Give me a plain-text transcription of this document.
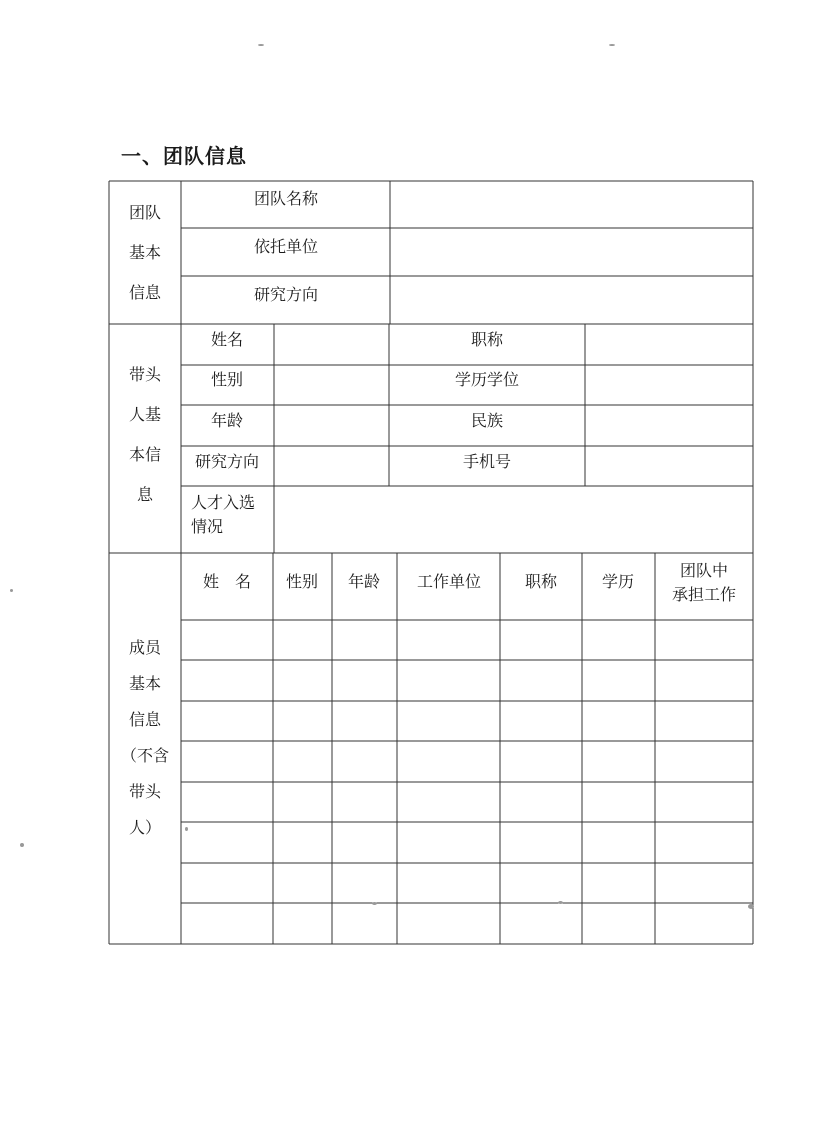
一、团队信息
团队
基本
信息
团队名称
依托单位
研究方向
带头
人基
本信
息
姓名
性别
年龄
研究方向
职称
学历学位
民族
手机号
人才入选
情况
成员
基本
信息
（不含
带头
人）
姓　名 性别 年龄 工作单位	职称	学历
团队中
承担工作
